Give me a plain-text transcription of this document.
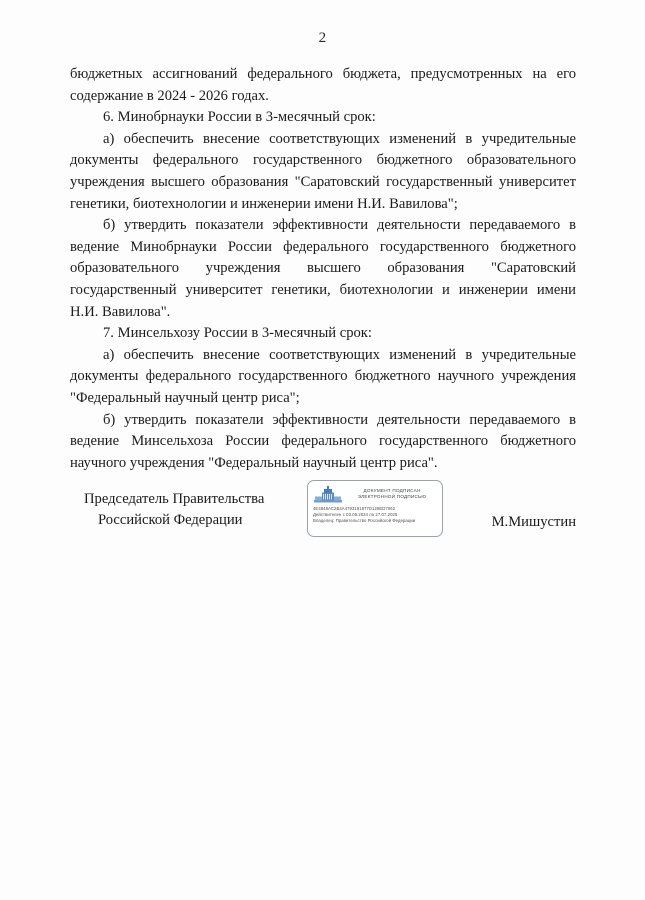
2

бюджетных ассигнований федерального бюджета, предусмотренных на его содержание в 2024 - 2026 годах.

6. Минобрнауки России в 3-месячный срок:

а) обеспечить внесение соответствующих изменений в учредительные документы федерального государственного бюджетного образовательного учреждения высшего образования "Саратовский государственный университет генетики, биотехнологии и инженерии имени Н.И. Вавилова";

б) утвердить показатели эффективности деятельности передаваемого в ведение Минобрнауки России федерального государственного бюджетного образовательного учреждения высшего образования "Саратовский государственный университет генетики, биотехнологии и инженерии имени Н.И. Вавилова".

7. Минсельхозу России в 3-месячный срок:

а) обеспечить внесение соответствующих изменений в учредительные документы федерального государственного бюджетного научного учреждения "Федеральный научный центр риса";

б) утвердить показатели эффективности деятельности передаваемого в ведение Минсельхоза России федерального государственного бюджетного научного учреждения "Федеральный научный центр риса".

Председатель Правительства
Российской Федерации	М.Мишустин
ДОКУМЕНТ ПОДПИСАН
ЭЛЕКТРОННОЙ ПОДПИСЬЮ
4E4848AC2B4A4793191877D128ED7062
Действителен с 03.05.2024 по 27.07.2025
Владелец: Правительство Российской Федерации
